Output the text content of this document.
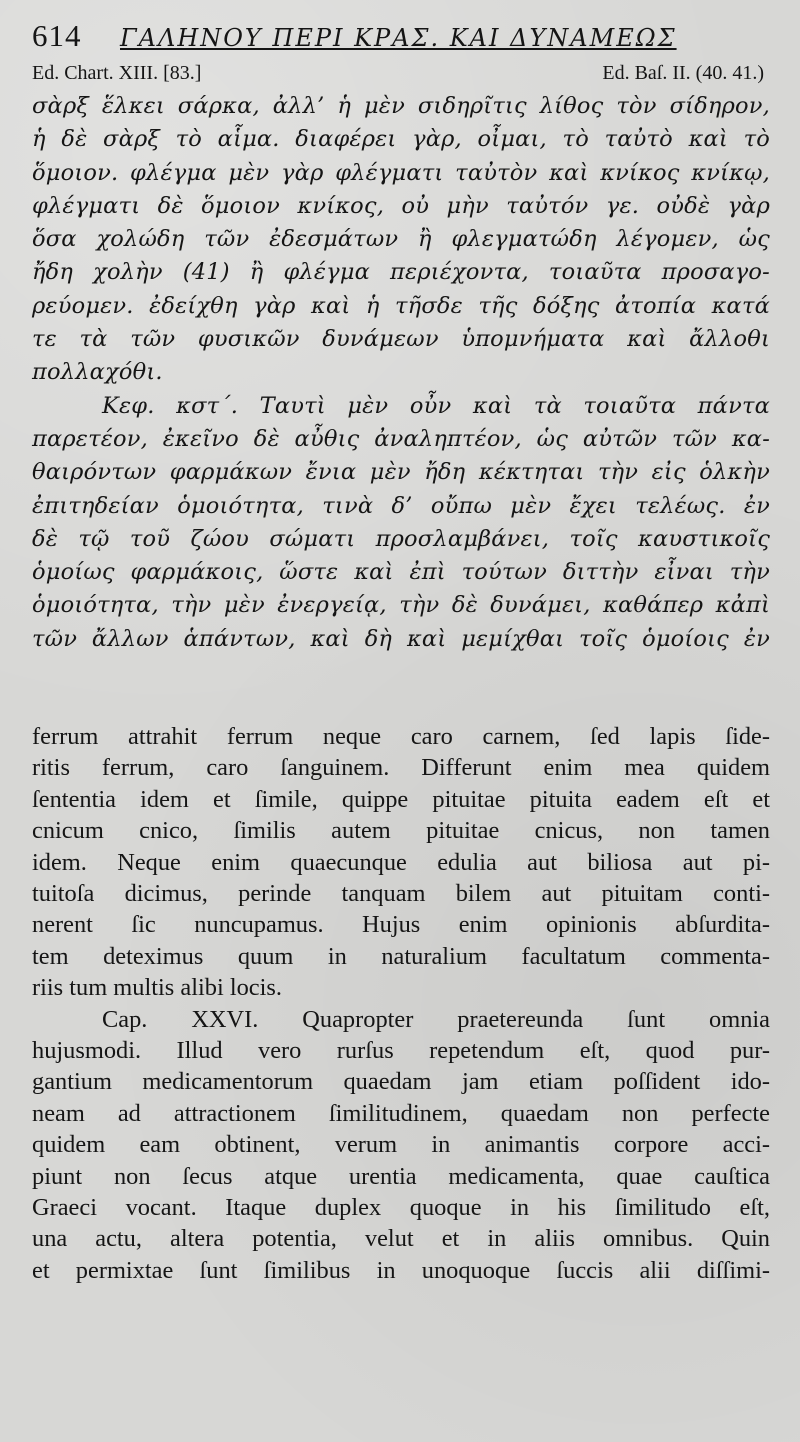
614	ΓΑΛΗΝΟΥ ΠΕΡΙ ΚΡΑΣ. ΚΑΙ ΔΥΝΑΜΕΩΣ
Ed. Chart. XIII. [83.]	Ed. Baſ. II. (40. 41.)
σὰρξ ἕλκει σάρκα, ἀλλ’ ἡ μὲν σιδηρῖτις λίθος τὸν σίδηρον,
ἡ δὲ σὰρξ τὸ αἷμα. διαφέρει γὰρ, οἶμαι, τὸ ταὐτὸ καὶ τὸ
ὅμοιον. φλέγμα μὲν γὰρ φλέγματι ταὐτὸν καὶ κνίκος κνίκῳ,
φλέγματι δὲ ὅμοιον κνίκος, οὐ μὴν ταὐτόν γε. οὐδὲ γὰρ
ὅσα χολώδη τῶν ἐδεσμάτων ἢ φλεγματώδη λέγομεν, ὡς
ἤδη χολὴν (41) ἢ φλέγμα περιέχοντα, τοιαῦτα προσαγο-
ρεύομεν. ἐδείχθη γὰρ καὶ ἡ τῆσδε τῆς δόξης ἀτοπία κατά
τε τὰ τῶν φυσικῶν δυνάμεων ὑπομνήματα καὶ ἄλλοθι
πολλαχόθι.
Κεφ. κστ΄. Ταυτὶ μὲν οὖν καὶ τὰ τοιαῦτα πάντα
παρετέον, ἐκεῖνο δὲ αὖθις ἀναληπτέον, ὡς αὐτῶν τῶν κα-
θαιρόντων φαρμάκων ἔνια μὲν ἤδη κέκτηται τὴν εἰς ὁλκὴν
ἐπιτηδείαν ὁμοιότητα, τινὰ δ’ οὔπω μὲν ἔχει τελέως. ἐν
δὲ τῷ τοῦ ζώου σώματι προσλαμβάνει, τοῖς καυστικοῖς
ὁμοίως φαρμάκοις, ὥστε καὶ ἐπὶ τούτων διττὴν εἶναι τὴν
ὁμοιότητα, τὴν μὲν ἐνεργείᾳ, τὴν δὲ δυνάμει, καθάπερ κἀπὶ
τῶν ἄλλων ἁπάντων, καὶ δὴ καὶ μεμίχθαι τοῖς ὁμοίοις ἐν
ferrum attrahit ferrum neque caro carnem, ſed lapis ſide-
ritis ferrum, caro ſanguinem. Differunt enim mea quidem
ſententia idem et ſimile, quippe pituitae pituita eadem eſt et
cnicum cnico, ſimilis autem pituitae cnicus, non tamen
idem. Neque enim quaecunque edulia aut biliosa aut pi-
tuitoſa dicimus, perinde tanquam bilem aut pituitam conti-
nerent ſic nuncupamus. Hujus enim opinionis abſurdita-
tem deteximus quum in naturalium facultatum commenta-
riis tum multis alibi locis.
Cap. XXVI. Quapropter praetereunda ſunt omnia
hujusmodi. Illud vero rurſus repetendum eſt, quod pur-
gantium medicamentorum quaedam jam etiam poſſident ido-
neam ad attractionem ſimilitudinem, quaedam non perfecte
quidem eam obtinent, verum in animantis corpore acci-
piunt non ſecus atque urentia medicamenta, quae cauſtica
Graeci vocant. Itaque duplex quoque in his ſimilitudo eſt,
una actu, altera potentia, velut et in aliis omnibus. Quin
et permixtae ſunt ſimilibus in unoquoque ſuccis alii diſſimi-
